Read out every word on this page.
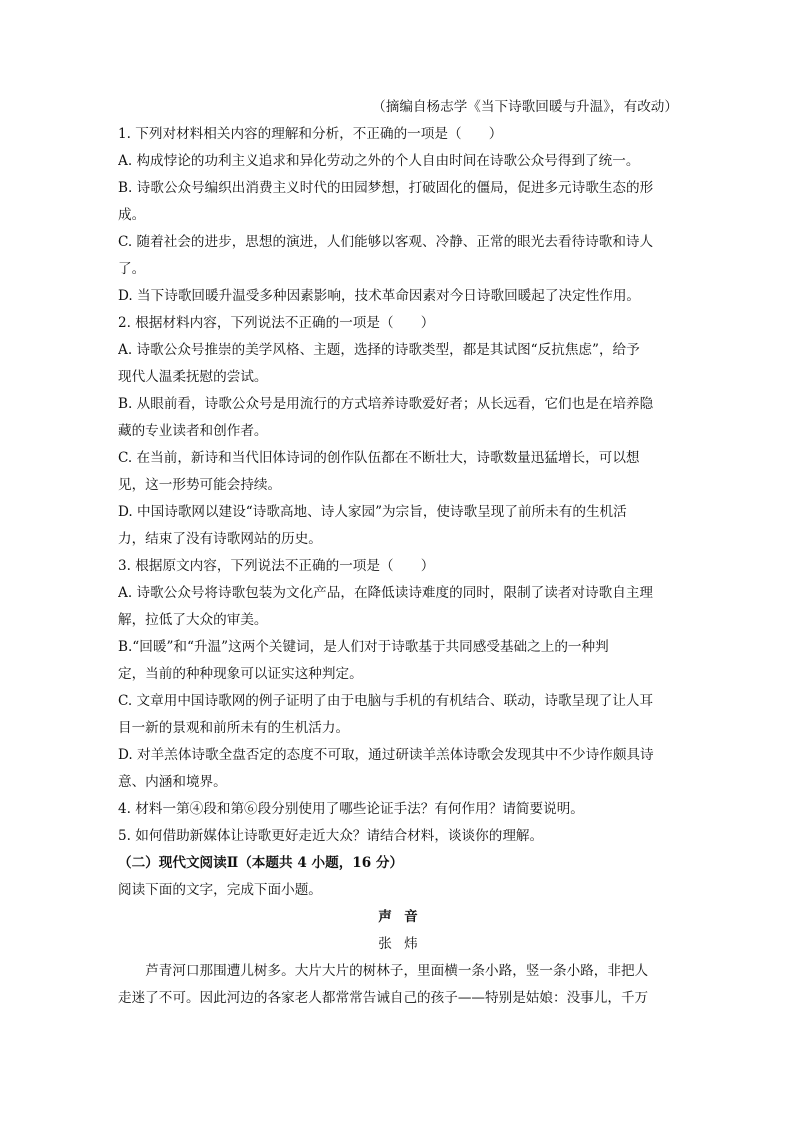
（摘编自杨志学《当下诗歌回暖与升温》，有改动）
1. 下列对材料相关内容的理解和分析，不正确的一项是（　　）
A. 构成悖论的功利主义追求和异化劳动之外的个人自由时间在诗歌公众号得到了统一。
B. 诗歌公众号编织出消费主义时代的田园梦想，打破固化的僵局，促进多元诗歌生态的形
成。
C. 随着社会的进步，思想的演进，人们能够以客观、冷静、正常的眼光去看待诗歌和诗人
了。
D. 当下诗歌回暖升温受多种因素影响，技术革命因素对今日诗歌回暖起了决定性作用。
2. 根据材料内容，下列说法不正确的一项是（　　）
A. 诗歌公众号推崇的美学风格、主题，选择的诗歌类型，都是其试图“反抗焦虑”，给予
现代人温柔抚慰的尝试。
B. 从眼前看，诗歌公众号是用流行的方式培养诗歌爱好者；从长远看，它们也是在培养隐
藏的专业读者和创作者。
C. 在当前，新诗和当代旧体诗词的创作队伍都在不断壮大，诗歌数量迅猛增长，可以想
见，这一形势可能会持续。
D. 中国诗歌网以建设“诗歌高地、诗人家园”为宗旨，使诗歌呈现了前所未有的生机活
力，结束了没有诗歌网站的历史。
3. 根据原文内容，下列说法不正确的一项是（　　）
A. 诗歌公众号将诗歌包装为文化产品，在降低读诗难度的同时，限制了读者对诗歌自主理
解，拉低了大众的审美。
B.“回暖”和“升温”这两个关键词，是人们对于诗歌基于共同感受基础之上的一种判
定，当前的种种现象可以证实这种判定。
C. 文章用中国诗歌网的例子证明了由于电脑与手机的有机结合、联动，诗歌呈现了让人耳
目一新的景观和前所未有的生机活力。
D. 对羊羔体诗歌全盘否定的态度不可取，通过研读羊羔体诗歌会发现其中不少诗作颇具诗
意、内涵和境界。
4. 材料一第④段和第⑥段分别使用了哪些论证手法？有何作用？请简要说明。
5. 如何借助新媒体让诗歌更好走近大众？请结合材料，谈谈你的理解。
（二）现代文阅读Ⅱ（本题共 4 小题，16 分）
阅读下面的文字，完成下面小题。
声音
张炜
芦青河口那围遭儿树多。大片大片的树林子，里面横一条小路，竖一条小路，非把人
走迷了不可。因此河边的各家老人都常常告诫自己的孩子——特别是姑娘：没事儿，千万
